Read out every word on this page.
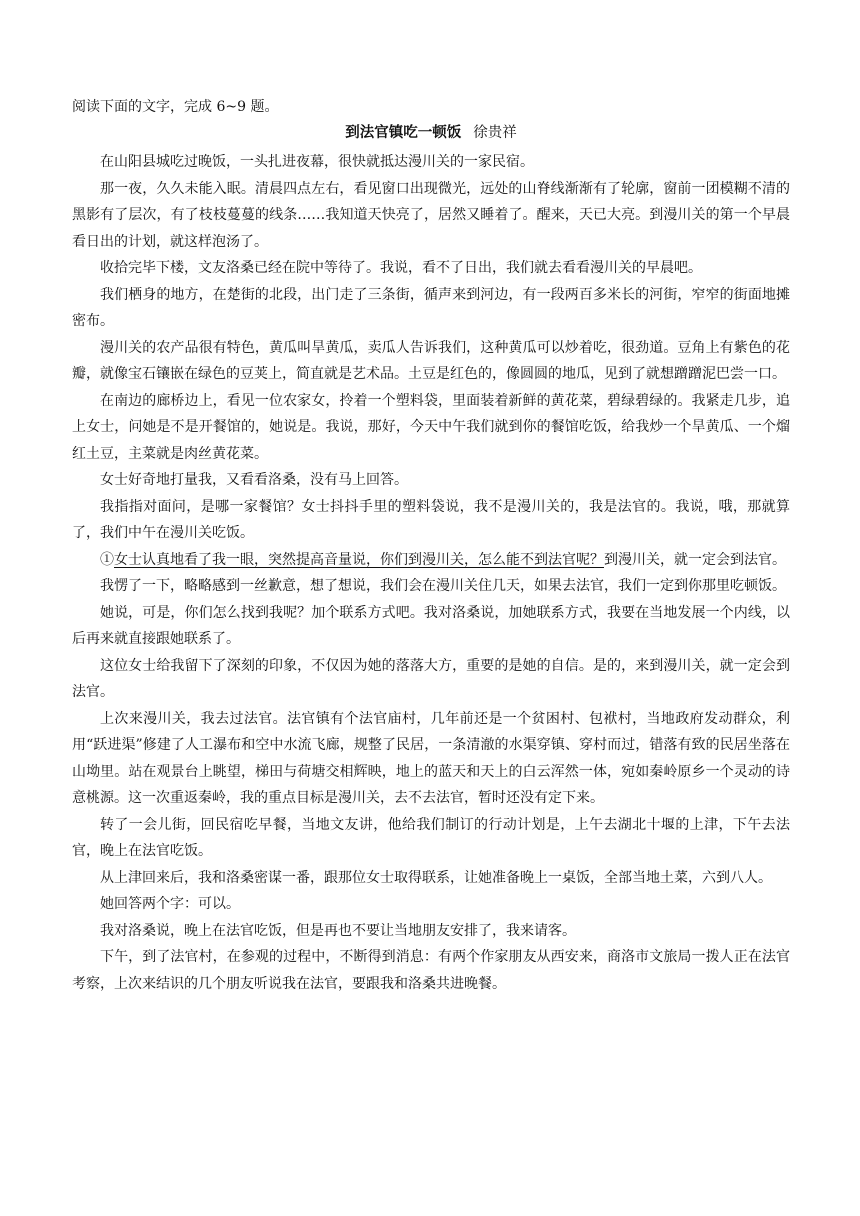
阅读下面的文字，完成 6~9 题。

到法官镇吃一顿饭 徐贵祥

在山阳县城吃过晚饭，一头扎进夜幕，很快就抵达漫川关的一家民宿。

那一夜，久久未能入眠。清晨四点左右，看见窗口出现微光，远处的山脊线渐渐有了轮廓，窗前一团模糊不清的黑影有了层次，有了枝枝蔓蔓的线条……我知道天快亮了，居然又睡着了。醒来，天已大亮。到漫川关的第一个早晨看日出的计划，就这样泡汤了。

收拾完毕下楼，文友洛桑已经在院中等待了。我说，看不了日出，我们就去看看漫川关的早晨吧。

我们栖身的地方，在楚街的北段，出门走了三条街，循声来到河边，有一段两百多米长的河街，窄窄的街面地摊密布。

漫川关的农产品很有特色，黄瓜叫旱黄瓜，卖瓜人告诉我们，这种黄瓜可以炒着吃，很劲道。豆角上有紫色的花瓣，就像宝石镶嵌在绿色的豆荚上，简直就是艺术品。土豆是红色的，像圆圆的地瓜，见到了就想蹭蹭泥巴尝一口。

在南边的廊桥边上，看见一位农家女，拎着一个塑料袋，里面装着新鲜的黄花菜，碧绿碧绿的。我紧走几步，追上女士，问她是不是开餐馆的，她说是。我说，那好，今天中午我们就到你的餐馆吃饭，给我炒一个旱黄瓜、一个熘红土豆，主菜就是肉丝黄花菜。

女士好奇地打量我，又看看洛桑，没有马上回答。

我指指对面问，是哪一家餐馆？女士抖抖手里的塑料袋说，我不是漫川关的，我是法官的。我说，哦，那就算了，我们中午在漫川关吃饭。

①女士认真地看了我一眼，突然提高音量说，你们到漫川关，怎么能不到法官呢？到漫川关，就一定会到法官。

我愣了一下，略略感到一丝歉意，想了想说，我们会在漫川关住几天，如果去法官，我们一定到你那里吃顿饭。

她说，可是，你们怎么找到我呢？加个联系方式吧。我对洛桑说，加她联系方式，我要在当地发展一个内线，以后再来就直接跟她联系了。

这位女士给我留下了深刻的印象，不仅因为她的落落大方，重要的是她的自信。是的，来到漫川关，就一定会到法官。

上次来漫川关，我去过法官。法官镇有个法官庙村，几年前还是一个贫困村、包袱村，当地政府发动群众，利用“跃进渠”修建了人工瀑布和空中水流飞廊，规整了民居，一条清澈的水渠穿镇、穿村而过，错落有致的民居坐落在山坳里。站在观景台上眺望，梯田与荷塘交相辉映，地上的蓝天和天上的白云浑然一体，宛如秦岭原乡一个灵动的诗意桃源。这一次重返秦岭，我的重点目标是漫川关，去不去法官，暂时还没有定下来。

转了一会儿街，回民宿吃早餐，当地文友讲，他给我们制订的行动计划是，上午去湖北十堰的上津，下午去法官，晚上在法官吃饭。

从上津回来后，我和洛桑密谋一番，跟那位女士取得联系，让她准备晚上一桌饭，全部当地土菜，六到八人。

她回答两个字：可以。

我对洛桑说，晚上在法官吃饭，但是再也不要让当地朋友安排了，我来请客。

下午，到了法官村，在参观的过程中，不断得到消息：有两个作家朋友从西安来，商洛市文旅局一拨人正在法官考察，上次来结识的几个朋友听说我在法官，要跟我和洛桑共进晚餐。
